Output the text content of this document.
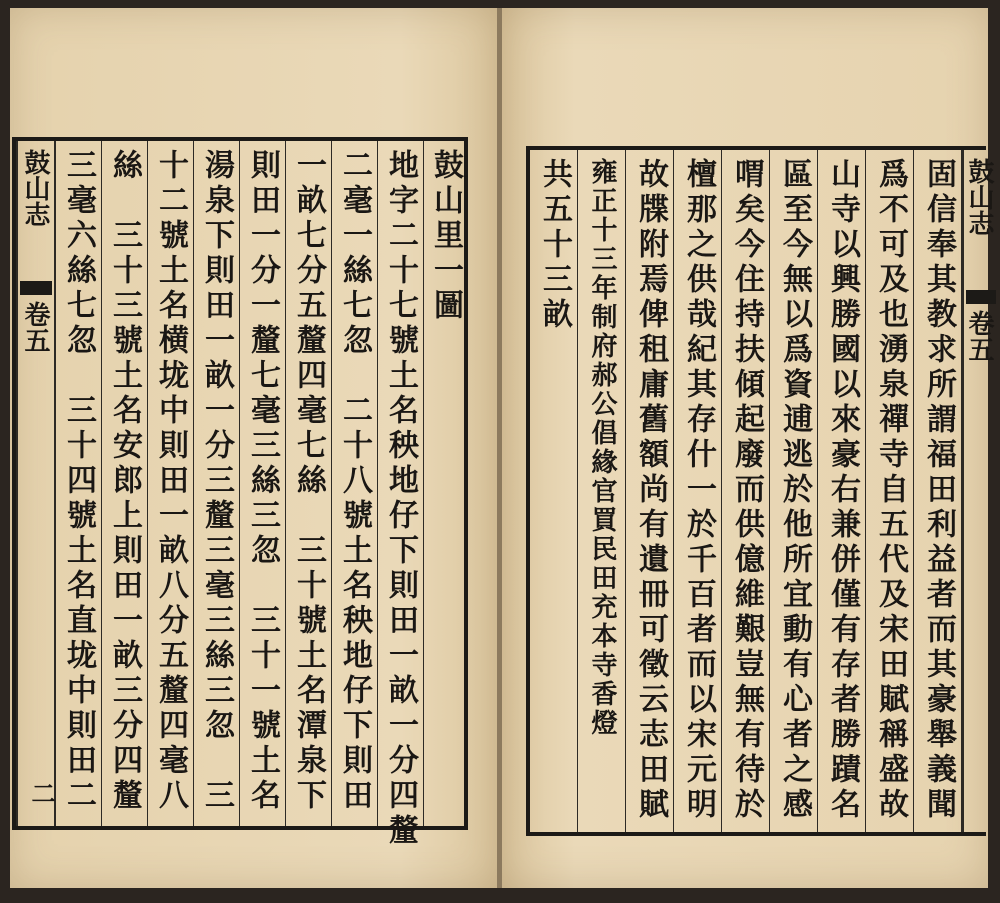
鼓山志
卷五
二 三毫六絲七忽　三十四號土名直垅中則田二 絲　三十三號土名安郎上則田一畝三分四釐 十二號土名横垅中則田一畝八分五釐四毫八 湯泉下則田一畝一分三釐三毫三絲三忽　三 則田一分一釐七毫三絲三忽　三十一號土名 一畝七分五釐四毫七絲　三十號土名潭泉下 二毫一絲七忽　二十八號土名秧地仔下則田 地字二十七號土名秧地仔下則田一畝一分四釐 鼓山里一圖 共五十三畝 雍正十三年制府郝公倡緣官買民田充本寺香燈 故牒附焉俾租庸舊額尚有遺冊可徵云志田賦 檀那之供哉紀其存什一於千百者而以宋元明 喟矣今住持扶傾起廢而供億維艱豈無有待於 區至今無以爲資逋逃於他所宜動有心者之感 山寺以興勝國以來豪右兼併僅有存者勝蹟名 爲不可及也湧泉禪寺自五代及宋田賦稱盛故 固信奉其教求所謂福田利益者而其豪舉義聞 鼓山志
卷五
